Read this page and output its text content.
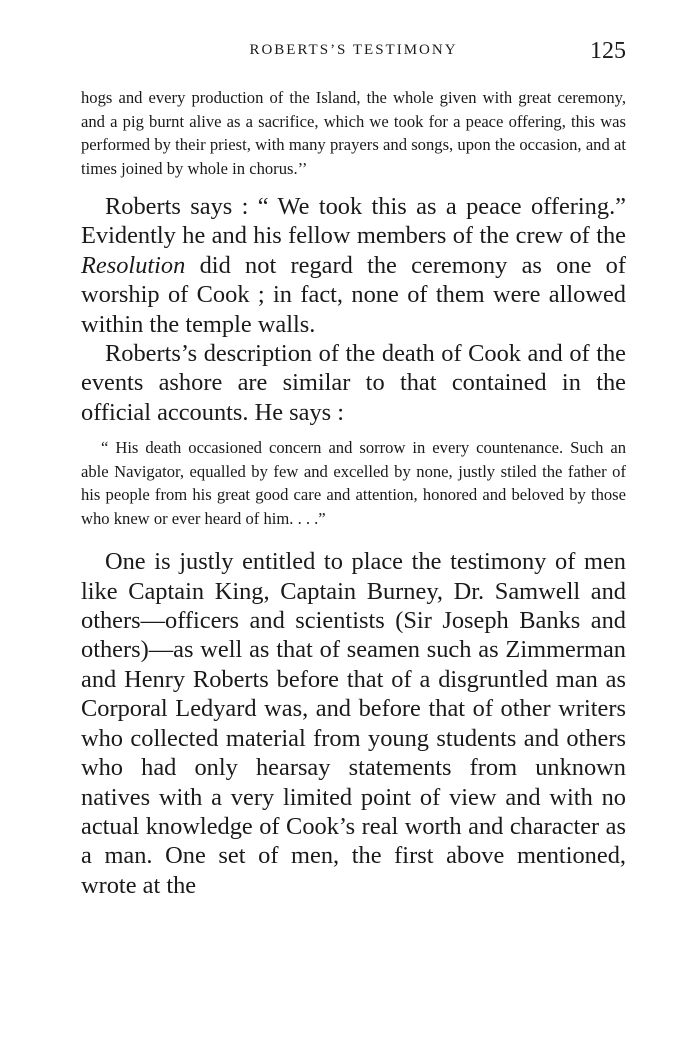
ROBERTS’S TESTIMONY	125

hogs and every production of the Island, the whole given with great ceremony, and a pig burnt alive as a sacrifice, which we took for a peace offering, this was performed by their priest, with many prayers and songs, upon the occasion, and at times joined by whole in chorus.’’

Roberts says : “ We took this as a peace offering.” Evidently he and his fellow members of the crew of the Resolution did not regard the ceremony as one of worship of Cook ; in fact, none of them were allowed within the temple walls.

Roberts’s description of the death of Cook and of the events ashore are similar to that contained in the official accounts. He says :

“ His death occasioned concern and sorrow in every countenance. Such an able Navigator, equalled by few and excelled by none, justly stiled the father of his people from his great good care and attention, honored and beloved by those who knew or ever heard of him. . . .”

One is justly entitled to place the testimony of men like Captain King, Captain Burney, Dr. Samwell and others—officers and scientists (Sir Joseph Banks and others)—as well as that of seamen such as Zimmerman and Henry Roberts before that of a disgruntled man as Corporal Ledyard was, and before that of other writers who collected material from young students and others who had only hearsay statements from unknown natives with a very limited point of view and with no actual knowledge of Cook’s real worth and character as a man. One set of men, the first above mentioned, wrote at the
